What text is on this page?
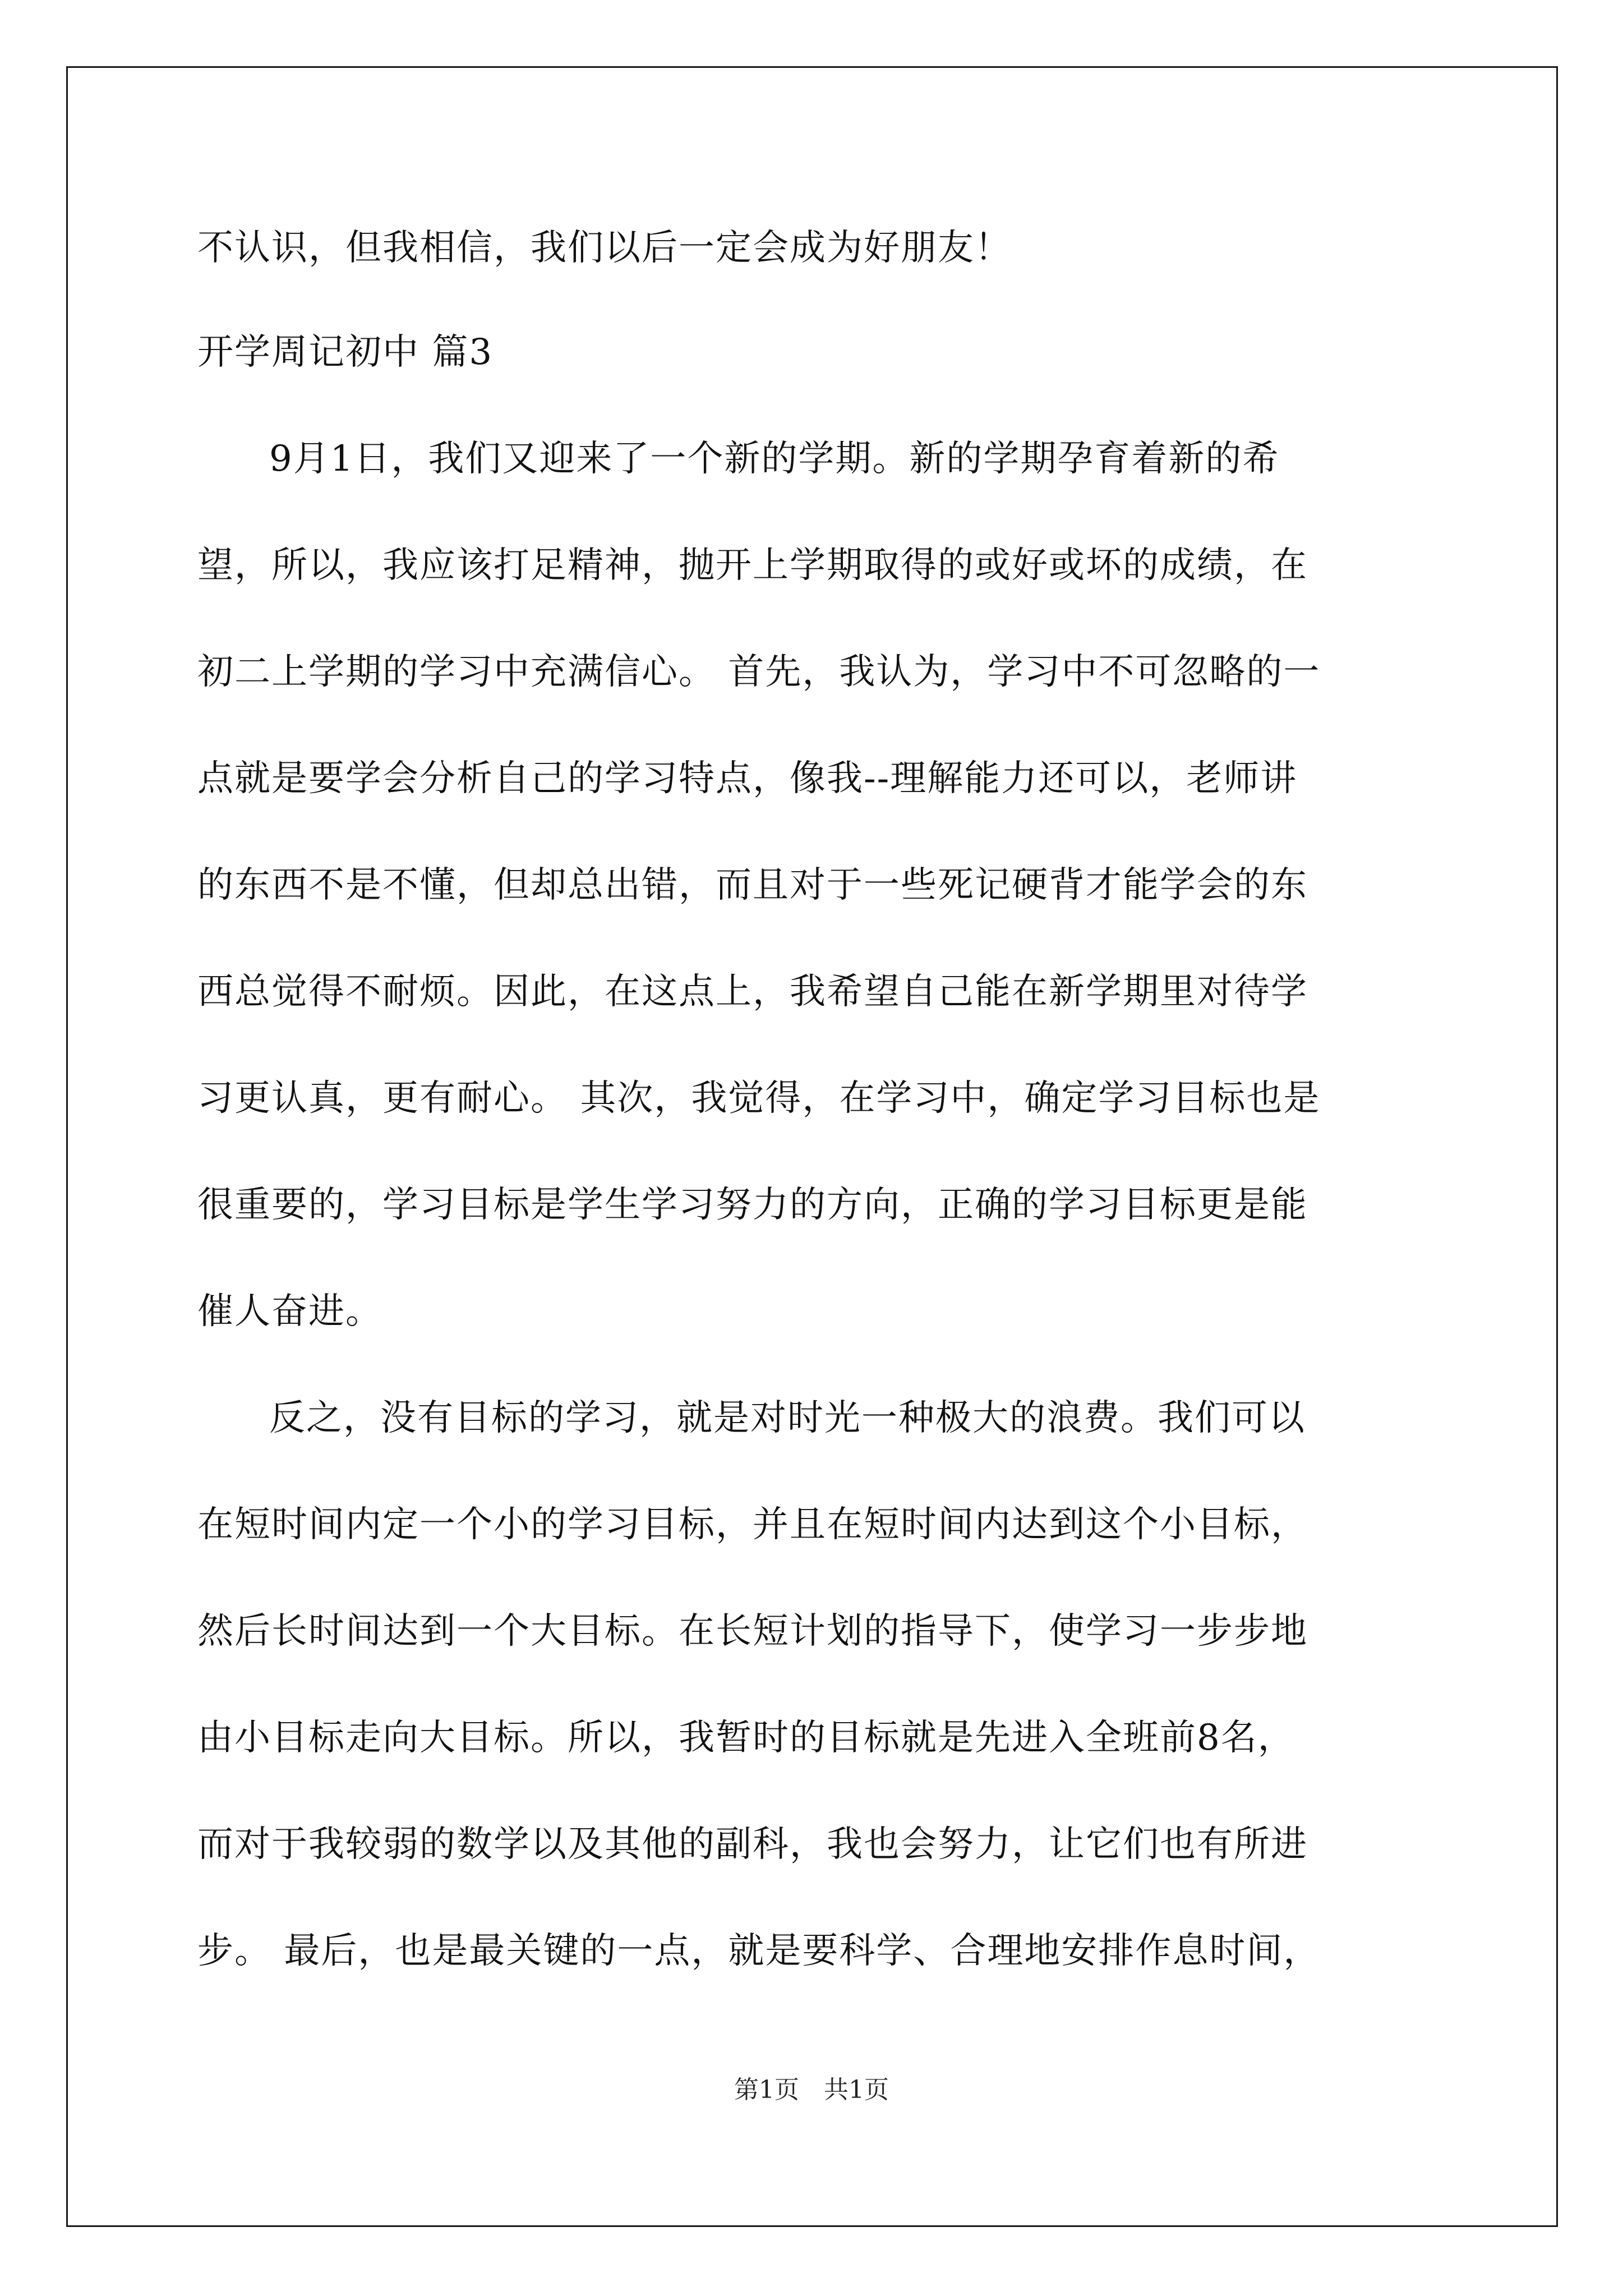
不认识，但我相信，我们以后一定会成为好朋友！

开学周记初中 篇3

9月1日，我们又迎来了一个新的学期。新的学期孕育着新的希

望，所以，我应该打足精神，抛开上学期取得的或好或坏的成绩，在

初二上学期的学习中充满信心。 首先，我认为，学习中不可忽略的一

点就是要学会分析自己的学习特点，像我--理解能力还可以，老师讲

的东西不是不懂，但却总出错，而且对于一些死记硬背才能学会的东

西总觉得不耐烦。因此，在这点上，我希望自己能在新学期里对待学

习更认真，更有耐心。 其次，我觉得，在学习中，确定学习目标也是

很重要的，学习目标是学生学习努力的方向，正确的学习目标更是能

催人奋进。

反之，没有目标的学习，就是对时光一种极大的浪费。我们可以

在短时间内定一个小的学习目标，并且在短时间内达到这个小目标，

然后长时间达到一个大目标。在长短计划的指导下，使学习一步步地

由小目标走向大目标。所以，我暂时的目标就是先进入全班前8名，

而对于我较弱的数学以及其他的副科，我也会努力，让它们也有所进

步。 最后，也是最关键的一点，就是要科学、合理地安排作息时间，

第1页　共1页
